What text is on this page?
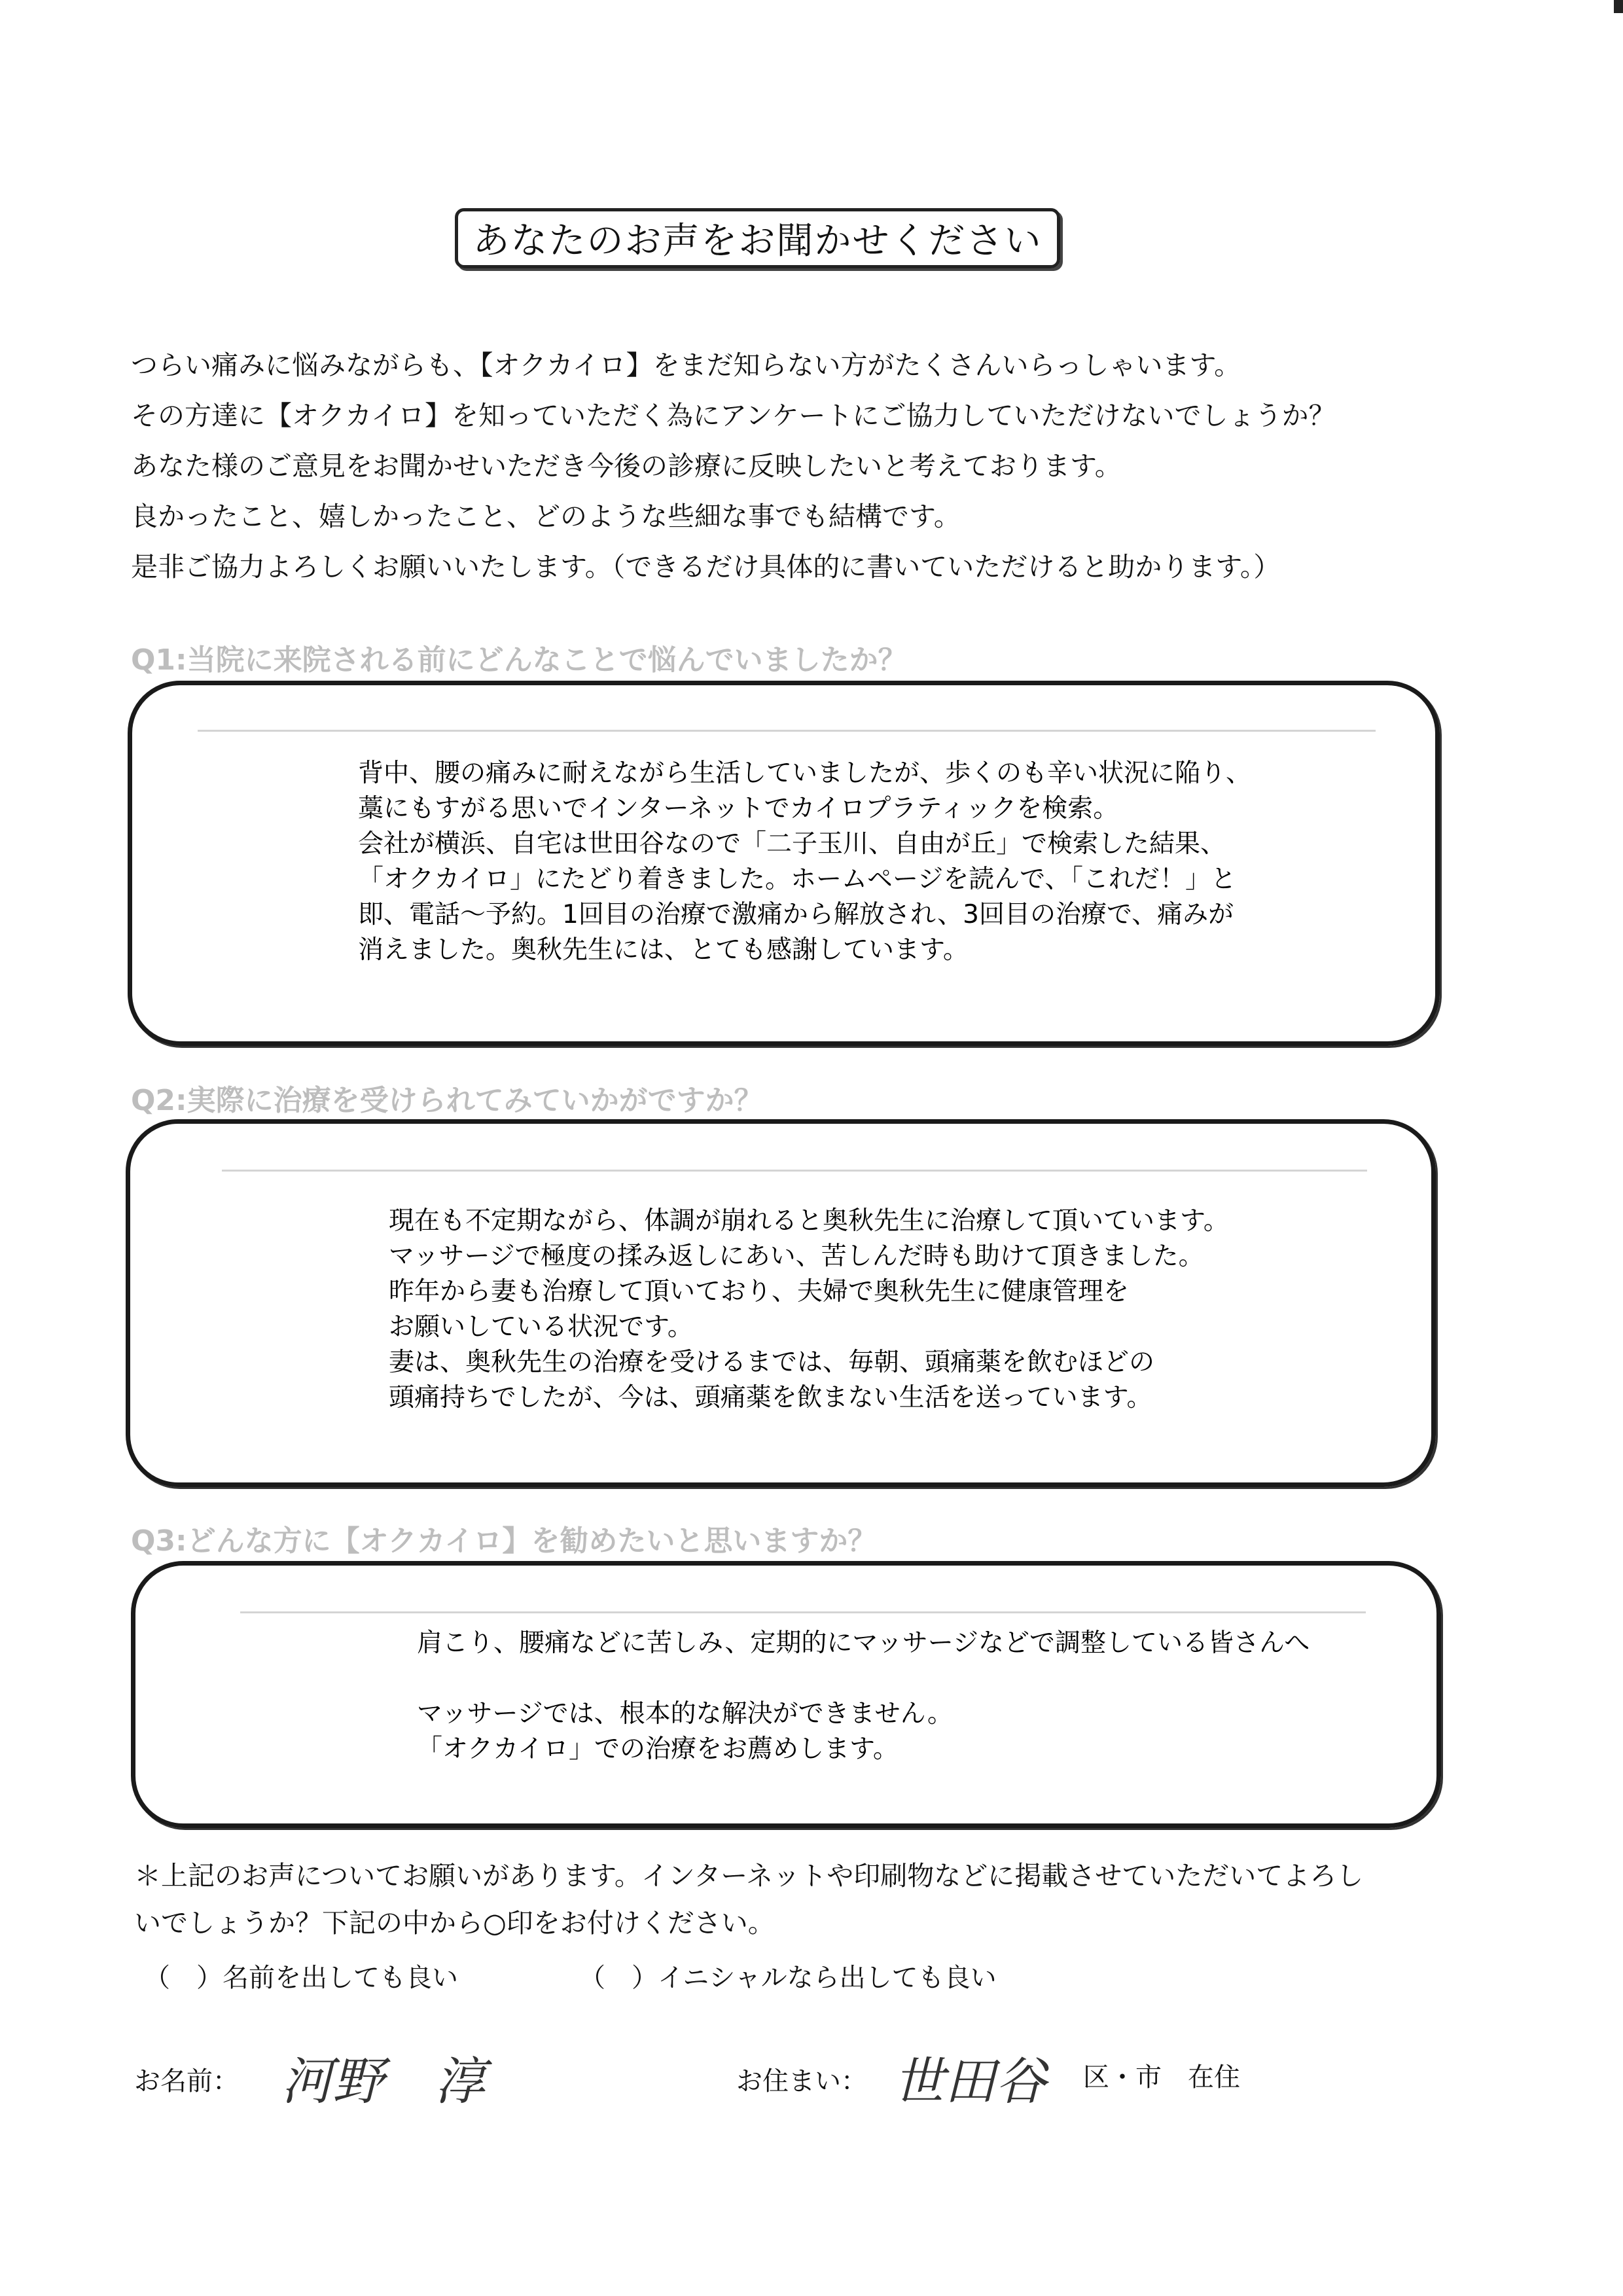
あなたのお声をお聞かせください
つらい痛みに悩みながらも、【オクカイロ】をまだ知らない方がたくさんいらっしゃいます。
その方達に【オクカイロ】を知っていただく為にアンケートにご協力していただけないでしょうか？
あなた様のご意見をお聞かせいただき今後の診療に反映したいと考えております。
良かったこと、嬉しかったこと、どのような些細な事でも結構です。
是非ご協力よろしくお願いいたします。（できるだけ具体的に書いていただけると助かります。）
Q1:当院に来院される前にどんなことで悩んでいましたか？
背中、腰の痛みに耐えながら生活していましたが、歩くのも辛い状況に陥り、
藁にもすがる思いでインターネットでカイロプラティックを検索。
会社が横浜、自宅は世田谷なので「二子玉川、自由が丘」で検索した結果、
「オクカイロ」にたどり着きました。ホームページを読んで、「これだ！」と
即、電話～予約。1回目の治療で激痛から解放され、3回目の治療で、痛みが
消えました。奥秋先生には、とても感謝しています。
Q2:実際に治療を受けられてみていかがですか？
現在も不定期ながら、体調が崩れると奥秋先生に治療して頂いています。
マッサージで極度の揉み返しにあい、苦しんだ時も助けて頂きました。
昨年から妻も治療して頂いており、夫婦で奥秋先生に健康管理を
お願いしている状況です。
妻は、奥秋先生の治療を受けるまでは、毎朝、頭痛薬を飲むほどの
頭痛持ちでしたが、今は、頭痛薬を飲まない生活を送っています。
Q3:どんな方に【オクカイロ】を勧めたいと思いますか？
肩こり、腰痛などに苦しみ、定期的にマッサージなどで調整している皆さんへ
マッサージでは、根本的な解決ができません。
「オクカイロ」での治療をお薦めします。
＊上記のお声についてお願いがあります。インターネットや印刷物などに掲載させていただいてよろし
いでしょうか？下記の中から○印をお付けください。
（　）名前を出しても良い	（　）イニシャルなら出しても良い
お名前： 河野　淳	お住まい： 世田谷 区・市　在住
